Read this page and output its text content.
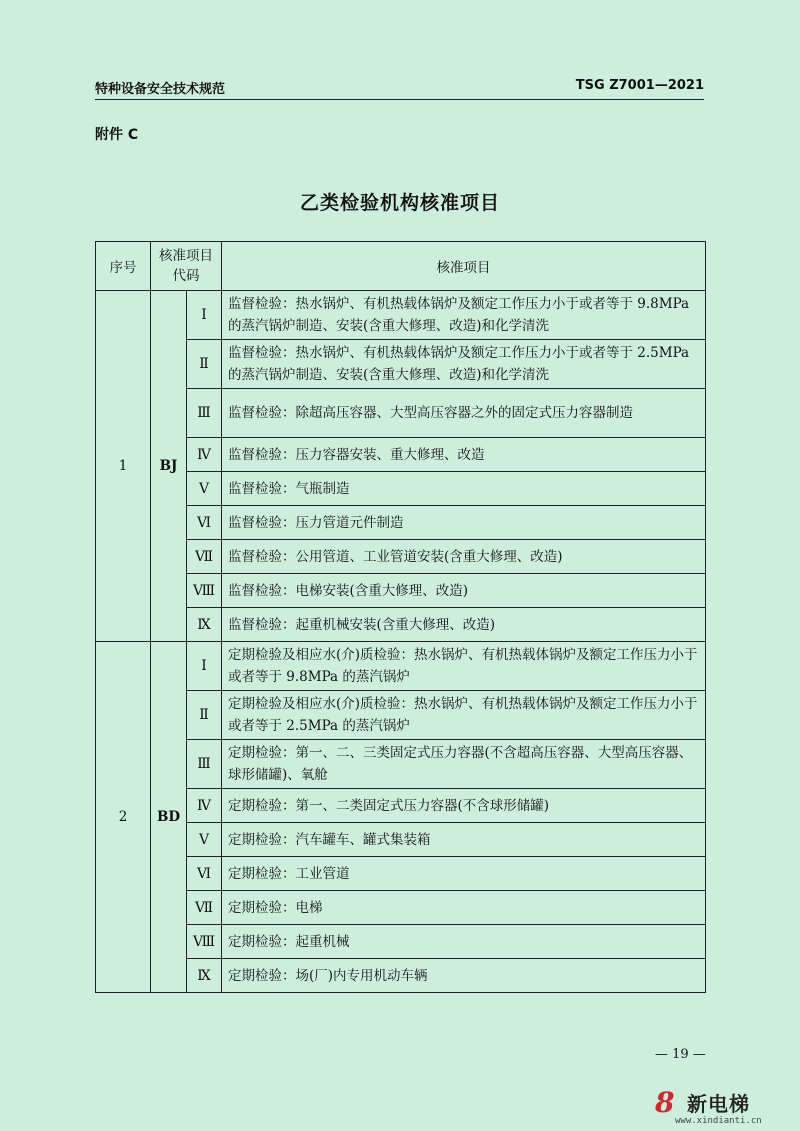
特种设备安全技术规范	TSG Z7001—2021
附件 C
乙类检验机构核准项目
序号	核准项目代码		核准项目
1	BJ	Ⅰ	监督检验：热水锅炉、有机热载体锅炉及额定工作压力小于或者等于 9.8MPa 的蒸汽锅炉制造、安装(含重大修理、改造)和化学清洗
		Ⅱ	监督检验：热水锅炉、有机热载体锅炉及额定工作压力小于或者等于 2.5MPa 的蒸汽锅炉制造、安装(含重大修理、改造)和化学清洗
		Ⅲ	监督检验：除超高压容器、大型高压容器之外的固定式压力容器制造
		Ⅳ	监督检验：压力容器安装、重大修理、改造
		Ⅴ	监督检验：气瓶制造
		Ⅵ	监督检验：压力管道元件制造
		Ⅶ	监督检验：公用管道、工业管道安装(含重大修理、改造)
		Ⅷ	监督检验：电梯安装(含重大修理、改造)
		Ⅸ	监督检验：起重机械安装(含重大修理、改造)
2	BD	Ⅰ	定期检验及相应水(介)质检验：热水锅炉、有机热载体锅炉及额定工作压力小于或者等于 9.8MPa 的蒸汽锅炉
		Ⅱ	定期检验及相应水(介)质检验：热水锅炉、有机热载体锅炉及额定工作压力小于或者等于 2.5MPa 的蒸汽锅炉
		Ⅲ	定期检验：第一、二、三类固定式压力容器(不含超高压容器、大型高压容器、球形储罐)、氧舱
		Ⅳ	定期检验：第一、二类固定式压力容器(不含球形储罐)
		Ⅴ	定期检验：汽车罐车、罐式集装箱
		Ⅵ	定期检验：工业管道
		Ⅶ	定期检验：电梯
		Ⅷ	定期检验：起重机械
		Ⅸ	定期检验：场(厂)内专用机动车辆
— 19 —
8 新电梯
www.xindianti.cn
